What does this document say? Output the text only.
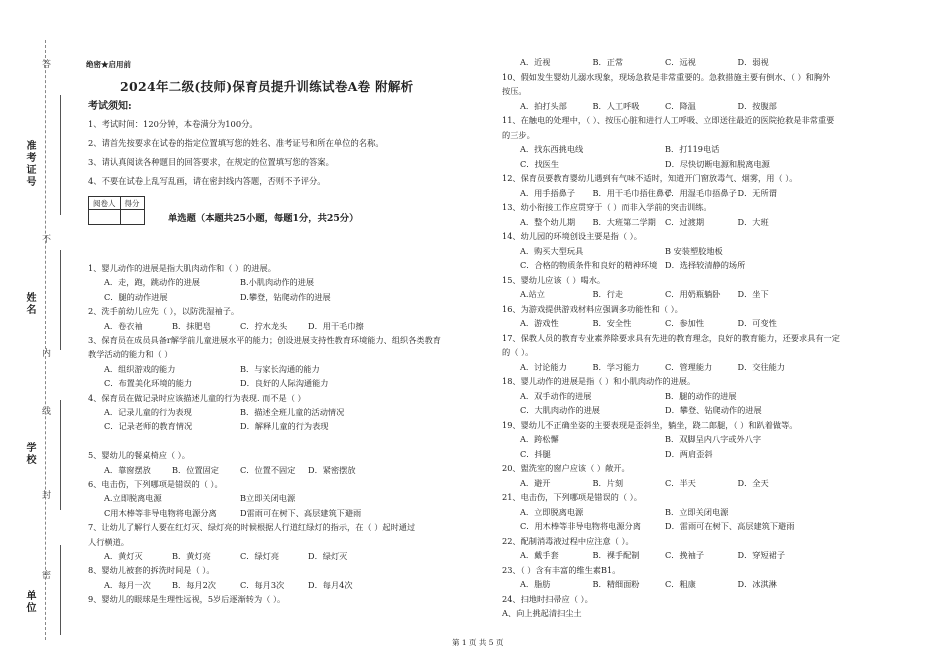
答
不
内
线
封
密
准考证号
姓名
学校
单位
绝密★启用前
2024年二级(技师)保育员提升训练试卷A卷 附解析
考试须知:
1、考试时间：120分钟，本卷满分为100分。
2、请首先按要求在试卷的指定位置填写您的姓名、准考证号和所在单位的名称。
3、请认真阅读各种题目的回答要求，在规定的位置填写您的答案。
4、不要在试卷上乱写乱画，请在密封线内答题，否则不予评分。
阅卷人	得分

单选题（本题共25小题，每题1分，共25分）
1、婴儿动作的进展是指大肌肉动作和（ ）的进展。
A．走，跑，跳动作的进展	B.小肌肉动作的进展
C．腿的动作进展	D.攀登，钻爬动作的进展
2、洗手前幼儿应先（ ），以防洗湿袖子。
A．卷衣袖	B．抹肥皂	C．拧水龙头	D．用干毛巾擦
3、保育员在成员具备r解学前儿童进展水平的能力；创设进展支持性教育环境能力、组织各类教育
教学活动的能力和（ ）
A．组织游戏的能力	B．与家长沟通的能力
C．布置美化环境的能力	D．良好的人际沟通能力
4、保育员在做记录时应该描述儿童的行为表现. 而不是（ ）
A．记录儿童的行为表现	B．描述全班儿童的活动情况
C．记录老师的教育情况	D．解释儿童的行为表现
5、婴幼儿的餐桌椅应（ ）。
A．靠窗摆放	B．位置固定	C．位置不固定 D．紧密摆放
6、电击伤，下列哪项是错误的（ ）。
A.立即脱离电源	B立即关闭电源
C用木棒等非导电物将电源分离	D雷雨可在树下、高层建筑下避雨
7、让幼儿了解行人要在红灯灭、绿灯亮的时候根据人行道红绿灯的指示，在（ ）起时通过
人行横道。
A．黄灯灭	B．黄灯亮	C．绿灯亮	D．绿灯灭
8、婴幼儿被套的拆洗时间是（ ）。
A．每月一次	B．每月2次	C．每月3次	D．每月4次
9、婴幼儿的眼球是生理性远视，5岁后逐渐转为（ ）。
A．近视	B．正常	C．远视	D．弱视
10、假如发生婴幼儿溺水现象，现场急救是非常重要的。急救措施主要有倒水、（ ）和胸外
按压。
A．拍打头部	B．人工呼吸	C．降温	D．按腹部
11、在触电的处理中，（ ）、按压心脏和进行人工呼吸、立即送往最近的医院抢救是非常重要
的三步。
A．找东西挑电线	B．打119电话
C．找医生	D．尽快切断电源和脱离电源
12、保育员要教育婴幼儿遇到有气味不适时，知道开门窗放毒气、烟雾，用（ ）。
A．用手捂鼻子 B．用干毛巾捂住鼻子
C．用湿毛巾捂鼻子 D．无所谓
13、幼小衔接工作应贯穿于（ ）而非入学前的突击训练。
A．整个幼儿期 B．大班第二学期 C．过渡期	D．大班
14、幼儿园的环境创设主要是指（ ）。
A．购买大型玩具	B 安装塑胶地板
C．合格的物质条件和良好的精神环境 D．选择较清静的场所
15、婴幼儿应该（ ）喝水。
A.站立	B．行走	C．用奶瓶躺卧 D．坐下
16、为游戏提供游戏材料应强调多功能性和（ ）。
A．游戏性	B．安全性	C．参加性	D．可变性
17、保教人员的教育专业素养除要求具有先进的教育理念，良好的教育能力，还要求具有一定
的（ ）。
A．讨论能力	B．学习能力	C．管理能力	D．交往能力
18、婴儿动作的进展是指（ ）和小肌肉动作的进展。
A．双手动作的进展	B．腿的动作的进展
C．大肌肉动作的进展	D．攀登、钻爬动作的进展
19、婴幼儿不正确坐姿的主要表现是歪斜坐，躺坐，跷二郎腿，（ ）和趴着做等。
A．跨松懈	B．双脚呈内八字或外八字
C．抖腿	D．两肩歪斜
20、盥洗室的窗户应该（ ）敞开。
A．避开	B．片刻	C．半天	D．全天
21、电击伤，下列哪项是错误的（ ）。
A．立即脱离电源	B．立即关闭电源
C．用木棒等非导电物将电源分离	D．雷雨可在树下、高层建筑下避雨
22、配制消毒液过程中应注意（ ）。
A．戴手套	B．裸手配制	C．挽袖子	D．穿短裙子
23、（ ）含有丰富的维生素B1。
A．脂肪	B．精细面粉	C．粗康	D．冰淇淋
24、扫地时扫帚应（ ）。
A、向上挑起清扫尘土
第 1 页 共 5 页
